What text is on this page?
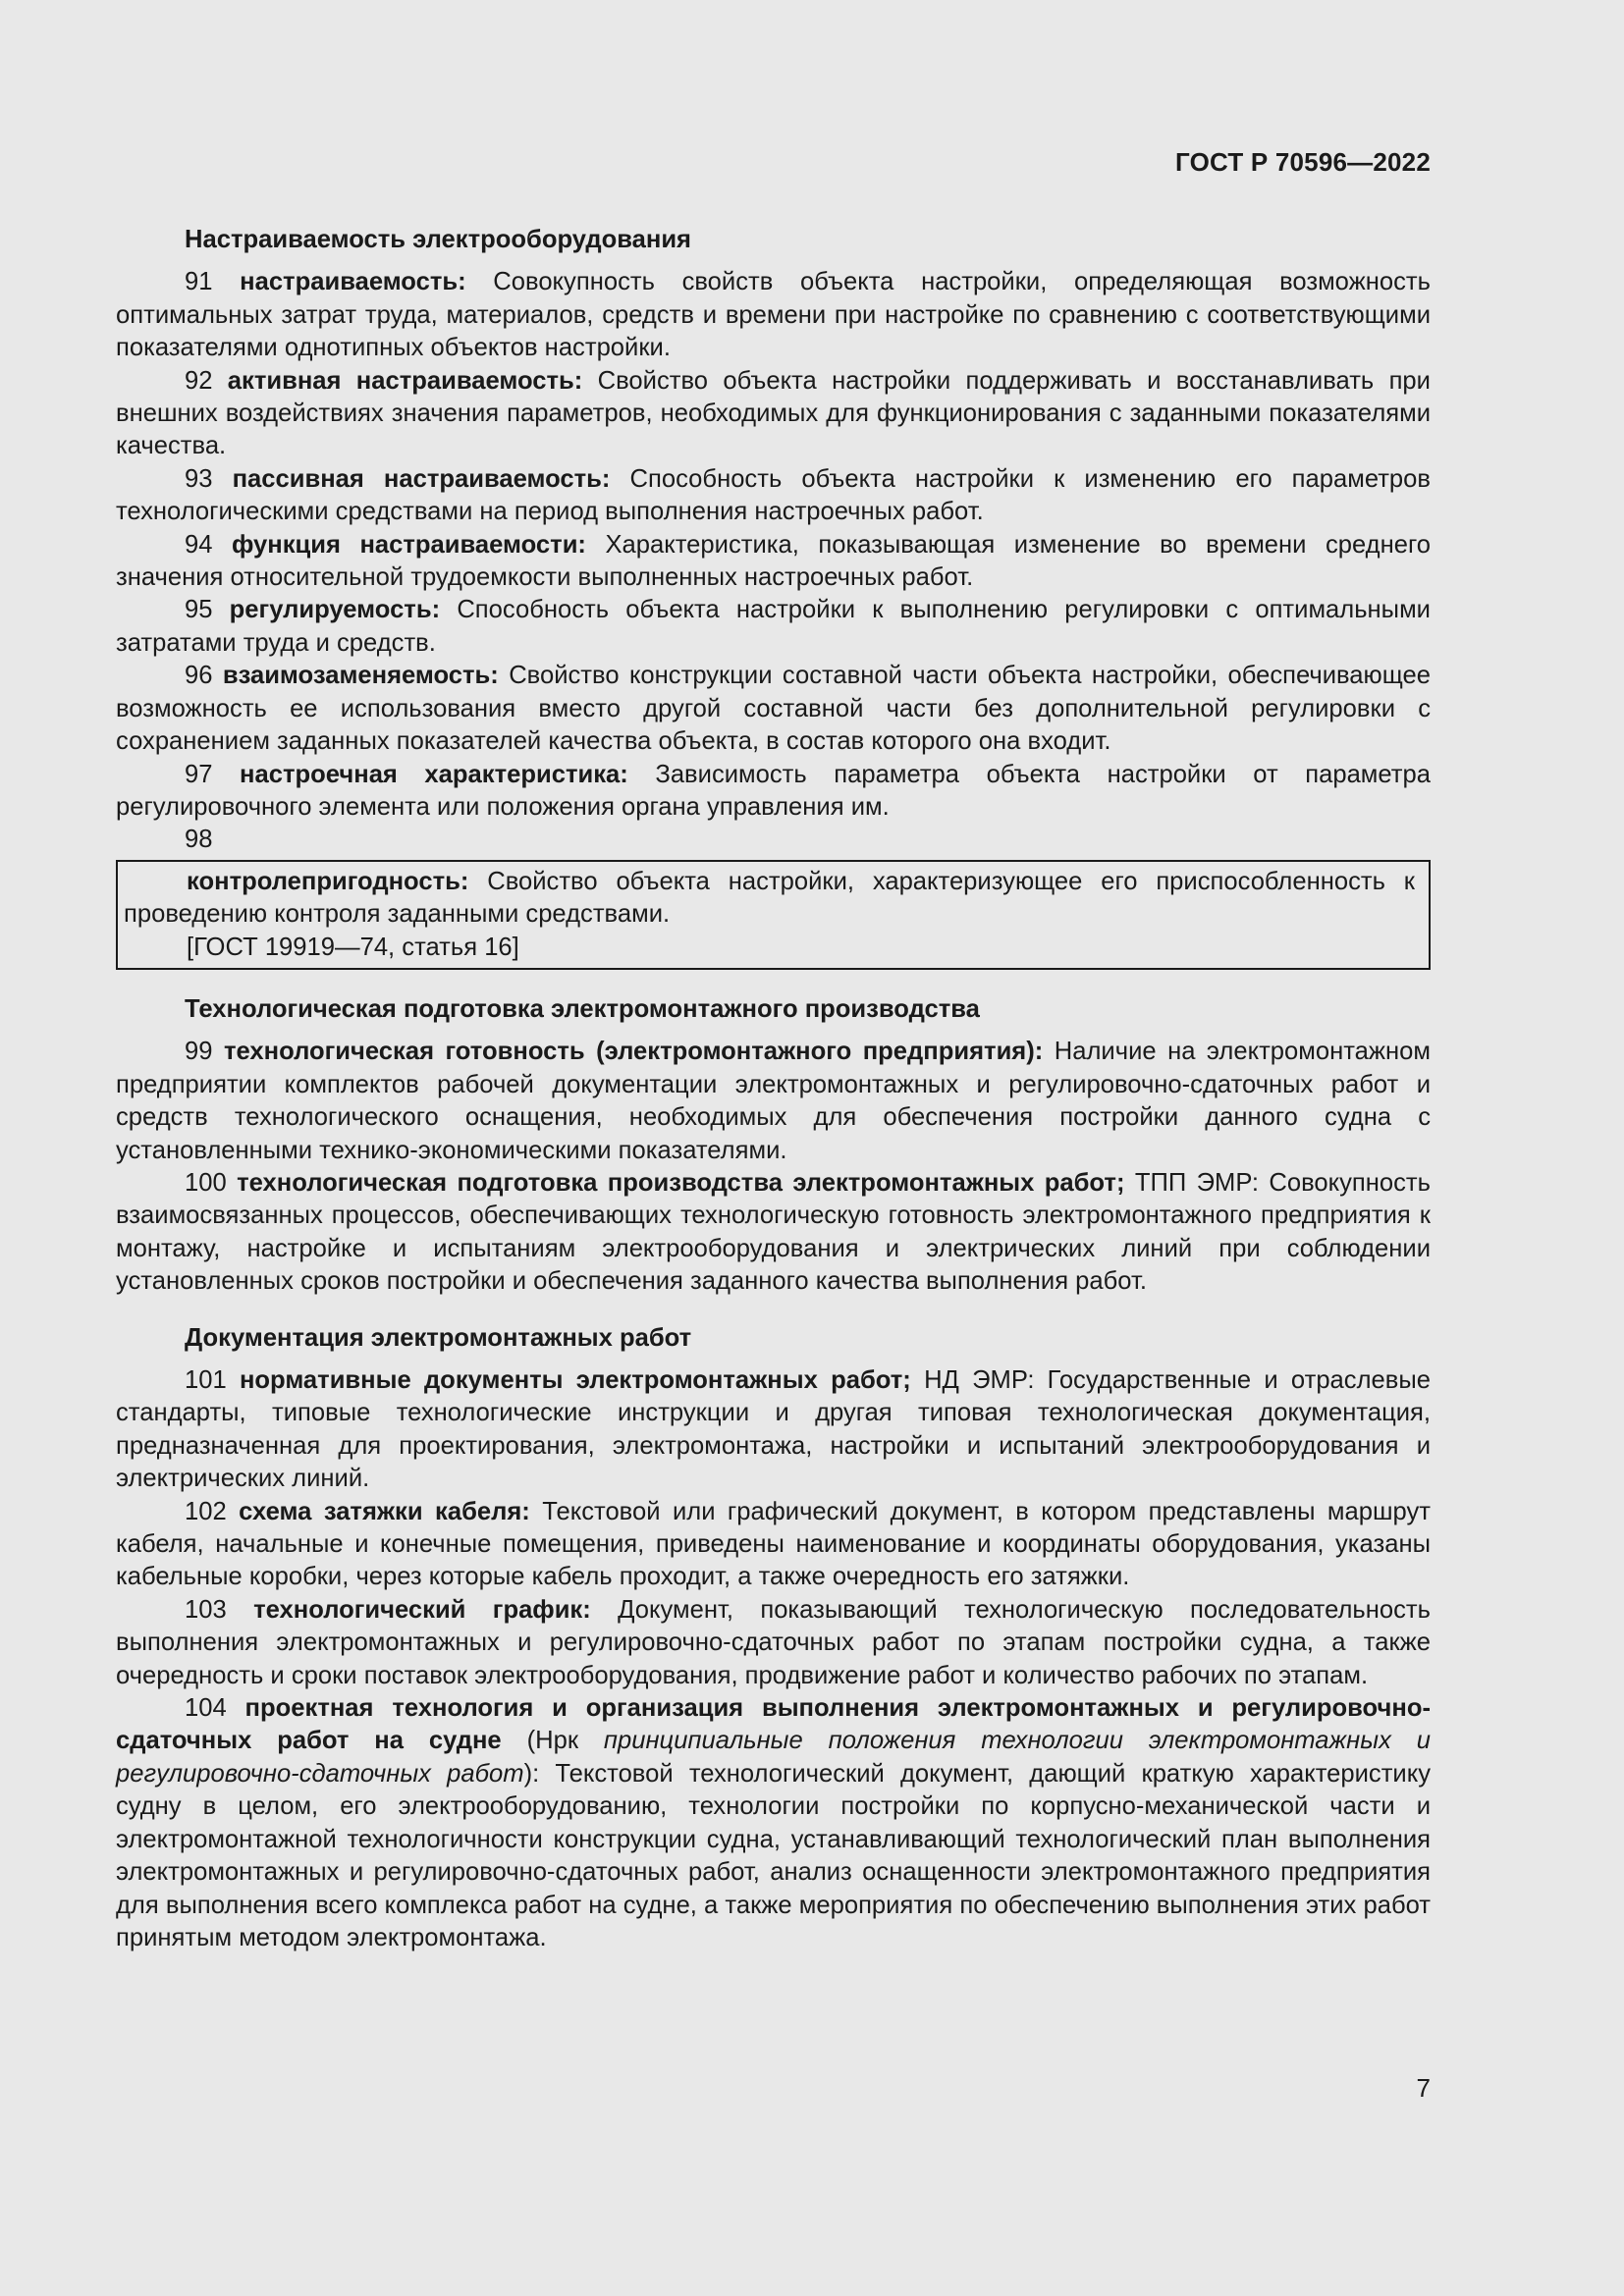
ГОСТ Р 70596—2022

Настраиваемость электрооборудования

91 настраиваемость: Совокупность свойств объекта настройки, определяющая возможность оптимальных затрат труда, материалов, средств и времени при настройке по сравнению с соответствующими показателями однотипных объектов настройки.

92 активная настраиваемость: Свойство объекта настройки поддерживать и восстанавливать при внешних воздействиях значения параметров, необходимых для функционирования с заданными показателями качества.

93 пассивная настраиваемость: Способность объекта настройки к изменению его параметров технологическими средствами на период выполнения настроечных работ.

94 функция настраиваемости: Характеристика, показывающая изменение во времени среднего значения относительной трудоемкости выполненных настроечных работ.

95 регулируемость: Способность объекта настройки к выполнению регулировки с оптимальными затратами труда и средств.

96 взаимозаменяемость: Свойство конструкции составной части объекта настройки, обеспечивающее возможность ее использования вместо другой составной части без дополнительной регулировки с сохранением заданных показателей качества объекта, в состав которого она входит.

97 настроечная характеристика: Зависимость параметра объекта настройки от параметра регулировочного элемента или положения органа управления им.

98

контролепригодность: Свойство объекта настройки, характеризующее его приспособленность к проведению контроля заданными средствами.

[ГОСТ 19919—74, статья 16]

Технологическая подготовка электромонтажного производства

99 технологическая готовность (электромонтажного предприятия): Наличие на электромонтажном предприятии комплектов рабочей документации электромонтажных и регулировочно-сдаточных работ и средств технологического оснащения, необходимых для обеспечения постройки данного судна с установленными технико-экономическими показателями.

100 технологическая подготовка производства электромонтажных работ; ТПП ЭМР: Совокупность взаимосвязанных процессов, обеспечивающих технологическую готовность электромонтажного предприятия к монтажу, настройке и испытаниям электрооборудования и электрических линий при соблюдении установленных сроков постройки и обеспечения заданного качества выполнения работ.

Документация электромонтажных работ

101 нормативные документы электромонтажных работ; НД ЭМР: Государственные и отраслевые стандарты, типовые технологические инструкции и другая типовая технологическая документация, предназначенная для проектирования, электромонтажа, настройки и испытаний электрооборудования и электрических линий.

102 схема затяжки кабеля: Текстовой или графический документ, в котором представлены маршрут кабеля, начальные и конечные помещения, приведены наименование и координаты оборудования, указаны кабельные коробки, через которые кабель проходит, а также очередность его затяжки.

103 технологический график: Документ, показывающий технологическую последовательность выполнения электромонтажных и регулировочно-сдаточных работ по этапам постройки судна, а также очередность и сроки поставок электрооборудования, продвижение работ и количество рабочих по этапам.

104 проектная технология и организация выполнения электромонтажных и регулировочно-сдаточных работ на судне (Нрк принципиальные положения технологии электромонтажных и регулировочно-сдаточных работ): Текстовой технологический документ, дающий краткую характеристику судну в целом, его электрооборудованию, технологии постройки по корпусно-механической части и электромонтажной технологичности конструкции судна, устанавливающий технологический план выполнения электромонтажных и регулировочно-сдаточных работ, анализ оснащенности электромонтажного предприятия для выполнения всего комплекса работ на судне, а также мероприятия по обеспечению выполнения этих работ принятым методом электромонтажа.

7
